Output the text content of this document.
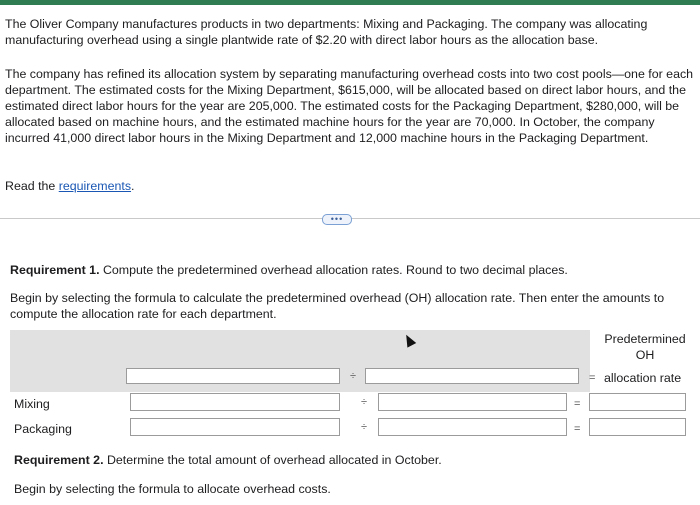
The Oliver Company manufactures products in two departments: Mixing and Packaging. The company was allocating manufacturing overhead using a single plantwide rate of $2.20 with direct labor hours as the allocation base.

The company has refined its allocation system by separating manufacturing overhead costs into two cost pools—one for each department. The estimated costs for the Mixing Department, $615,000, will be allocated based on direct labor hours, and the estimated direct labor hours for the year are 205,000. The estimated costs for the Packaging Department, $280,000, will be allocated based on machine hours, and the estimated machine hours for the year are 70,000. In October, the company incurred 41,000 direct labor hours in the Mixing Department and 12,000 machine hours in the Packaging Department.

Read the requirements.

•••

Requirement 1. Compute the predetermined overhead allocation rates. Round to two decimal places.

Begin by selecting the formula to calculate the predetermined overhead (OH) allocation rate. Then enter the amounts to compute the allocation rate for each department.

Predetermined
OH
÷	= allocation rate
Mixing	÷	=
Packaging	÷	=

Requirement 2. Determine the total amount of overhead allocated in October.

Begin by selecting the formula to allocate overhead costs.
